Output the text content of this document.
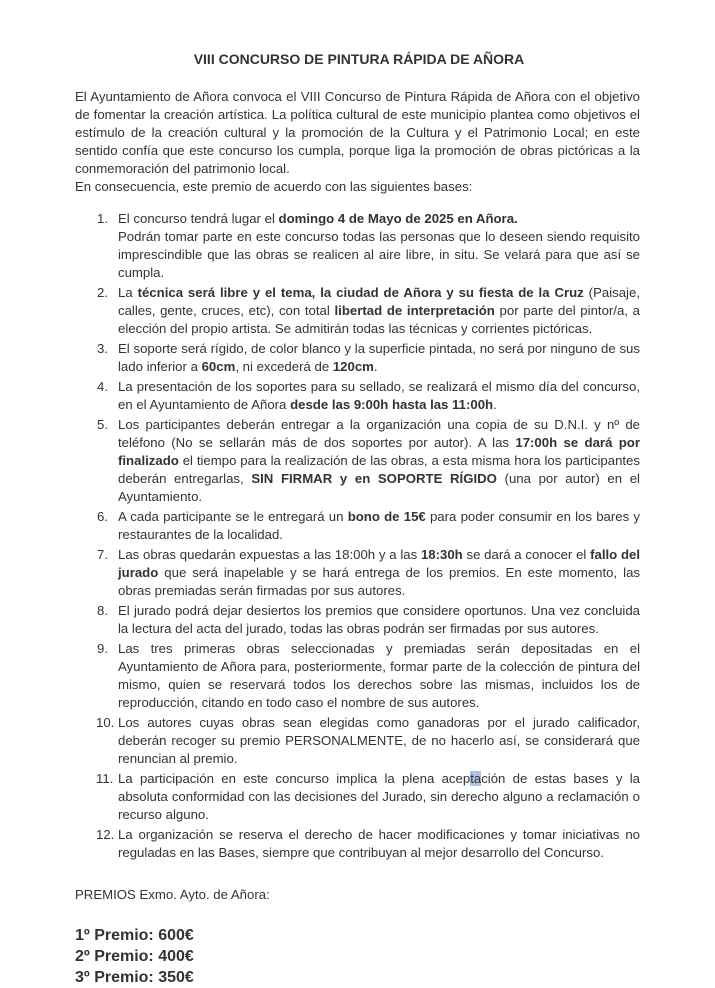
VIII CONCURSO DE PINTURA RÁPIDA DE AÑORA

El Ayuntamiento de Añora convoca el VIII Concurso de Pintura Rápida de Añora con el objetivo de fomentar la creación artística. La política cultural de este municipio plantea como objetivos el estímulo de la creación cultural y la promoción de la Cultura y el Patrimonio Local; en este sentido confía que este concurso los cumpla, porque liga la promoción de obras pictóricas a la conmemoración del patrimonio local.

En consecuencia, este premio de acuerdo con las siguientes bases:

1. El concurso tendrá lugar el domingo 4 de Mayo de 2025 en Añora.
Podrán tomar parte en este concurso todas las personas que lo deseen siendo requisito imprescindible que las obras se realicen al aire libre, in situ. Se velará para que así se cumpla.
2. La técnica será libre y el tema, la ciudad de Añora y su fiesta de la Cruz (Paisaje, calles, gente, cruces, etc), con total libertad de interpretación por parte del pintor/a, a elección del propio artista. Se admitirán todas las técnicas y corrientes pictóricas.
3. El soporte será rígido, de color blanco y la superficie pintada, no será por ninguno de sus lado inferior a 60cm, ni excederá de 120cm.
4. La presentación de los soportes para su sellado, se realizará el mismo día del concurso, en el Ayuntamiento de Añora desde las 9:00h hasta las 11:00h.
5. Los participantes deberán entregar a la organización una copia de su D.N.I. y nº de teléfono (No se sellarán más de dos soportes por autor). A las 17:00h se dará por finalizado el tiempo para la realización de las obras, a esta misma hora los participantes deberán entregarlas, SIN FIRMAR y en SOPORTE RÍGIDO (una por autor) en el Ayuntamiento.
6. A cada participante se le entregará un bono de 15€ para poder consumir en los bares y restaurantes de la localidad.
7. Las obras quedarán expuestas a las 18:00h y a las 18:30h se dará a conocer el fallo del jurado que será inapelable y se hará entrega de los premios. En este momento, las obras premiadas serán firmadas por sus autores.
8. El jurado podrá dejar desiertos los premios que considere oportunos. Una vez concluida la lectura del acta del jurado, todas las obras podrán ser firmadas por sus autores.
9. Las tres primeras obras seleccionadas y premiadas serán depositadas en el Ayuntamiento de Añora para, posteriormente, formar parte de la colección de pintura del mismo, quien se reservará todos los derechos sobre las mismas, incluidos los de reproducción, citando en todo caso el nombre de sus autores.
10. Los autores cuyas obras sean elegidas como ganadoras por el jurado calificador, deberán recoger su premio PERSONALMENTE, de no hacerlo así, se considerará que renuncian al premio.
11. La participación en este concurso implica la plena aceptación de estas bases y la absoluta conformidad con las decisiones del Jurado, sin derecho alguno a reclamación o recurso alguno.
12. La organización se reserva el derecho de hacer modificaciones y tomar iniciativas no reguladas en las Bases, siempre que contribuyan al mejor desarrollo del Concurso.

PREMIOS Exmo. Ayto. de Añora:

1º Premio: 600€
2º Premio: 400€
3º Premio: 350€
